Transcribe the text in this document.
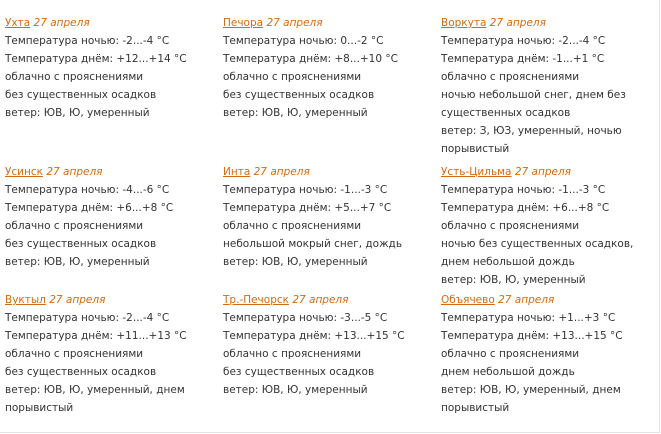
Ухта 27 апреля
Температура ночью: -2...-4 °C
Температура днём: +12...+14 °C
облачно с прояснениями
без существенных осадков
ветер: ЮВ, Ю, умеренный
Печора 27 апреля
Температура ночью: 0...-2 °C
Температура днём: +8...+10 °C
облачно с прояснениями
без существенных осадков
ветер: ЮВ, Ю, умеренный
Воркута 27 апреля
Температура ночью: -2...-4 °C
Температура днём: -1...+1 °C
облачно с прояснениями
ночью небольшой снег, днем без существенных осадков
ветер: З, ЮЗ, умеренный, ночью порывистый
Усинск 27 апреля
Температура ночью: -4...-6 °C
Температура днём: +6...+8 °C
облачно с прояснениями
без существенных осадков
ветер: ЮВ, Ю, умеренный
Инта 27 апреля
Температура ночью: -1...-3 °C
Температура днём: +5...+7 °C
облачно с прояснениями
небольшой мокрый снег, дождь
ветер: ЮВ, Ю, умеренный
Усть-Цильма 27 апреля
Температура ночью: -1...-3 °C
Температура днём: +6...+8 °C
облачно с прояснениями
ночью без существенных осадков, днем небольшой дождь
ветер: ЮВ, Ю, умеренный
Вуктыл 27 апреля
Температура ночью: -2...-4 °C
Температура днём: +11...+13 °C
облачно с прояснениями
без существенных осадков
ветер: ЮВ, Ю, умеренный, днем порывистый
Тр.-Печорск 27 апреля
Температура ночью: -3...-5 °C
Температура днём: +13...+15 °C
облачно с прояснениями
без существенных осадков
ветер: ЮВ, Ю, умеренный
Объячево 27 апреля
Температура ночью: +1...+3 °C
Температура днём: +13...+15 °C
облачно с прояснениями
днем небольшой дождь
ветер: ЮВ, Ю, умеренный, днем порывистый
